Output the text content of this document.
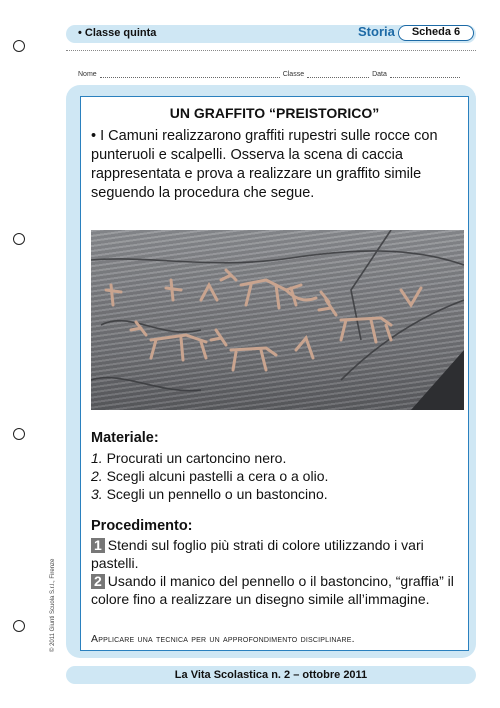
• Classe quinta	Storia	Scheda 6
Nome	Classe	Data
UN GRAFFITO “PREISTORICO”
• I Camuni realizzarono graffiti rupestri sulle rocce con punteruoli e scalpelli. Osserva la scena di caccia rappresentata e prova a realizzare un graffito simile seguendo la procedura che segue.
Materiale:
1. Procurati un cartoncino nero.
2. Scegli alcuni pastelli a cera o a olio.
3. Scegli un pennello o un bastoncino.
Procedimento:
1 Stendi sul foglio più strati di colore utilizzando i vari pastelli.
2 Usando il manico del pennello o il bastoncino, “graffia” il colore fino a realizzare un disegno simile all’immagine.
Applicare una tecnica per un approfondimento disciplinare.
© 2011 Giunti Scuola S.r.l., Firenze
La Vita Scolastica n. 2 – ottobre 2011
